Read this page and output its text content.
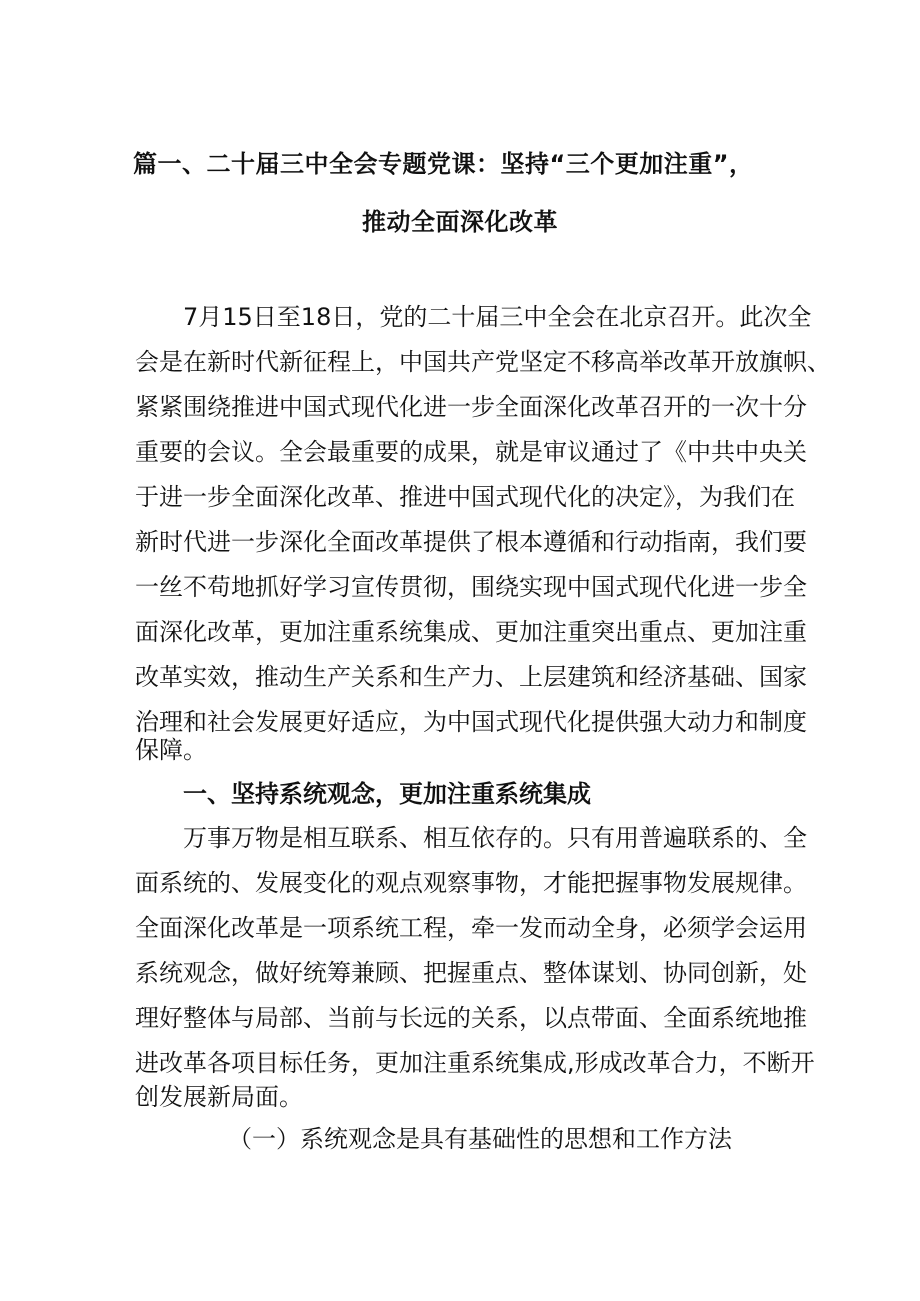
篇一、二十届三中全会专题党课：坚持“三个更加注重”，
推动全面深化改革
7月15日至18日，党的二十届三中全会在北京召开。此次全
会是在新时代新征程上，中国共产党坚定不移高举改革开放旗帜、
紧紧围绕推进中国式现代化进一步全面深化改革召开的一次十分
重要的会议。全会最重要的成果，就是审议通过了《中共中央关
于进一步全面深化改革、推进中国式现代化的决定》，为我们在
新时代进一步深化全面改革提供了根本遵循和行动指南，我们要
一丝不苟地抓好学习宣传贯彻，围绕实现中国式现代化进一步全
面深化改革，更加注重系统集成、更加注重突出重点、更加注重
改革实效，推动生产关系和生产力、上层建筑和经济基础、国家
治理和社会发展更好适应，为中国式现代化提供强大动力和制度
保障。
一、坚持系统观念，更加注重系统集成
万事万物是相互联系、相互依存的。只有用普遍联系的、全
面系统的、发展变化的观点观察事物，才能把握事物发展规律。
全面深化改革是一项系统工程，牵一发而动全身，必须学会运用
系统观念，做好统筹兼顾、把握重点、整体谋划、协同创新，处
理好整体与局部、当前与长远的关系，以点带面、全面系统地推
进改革各项目标任务，更加注重系统集成,形成改革合力，不断开
创发展新局面。
（一）系统观念是具有基础性的思想和工作方法
